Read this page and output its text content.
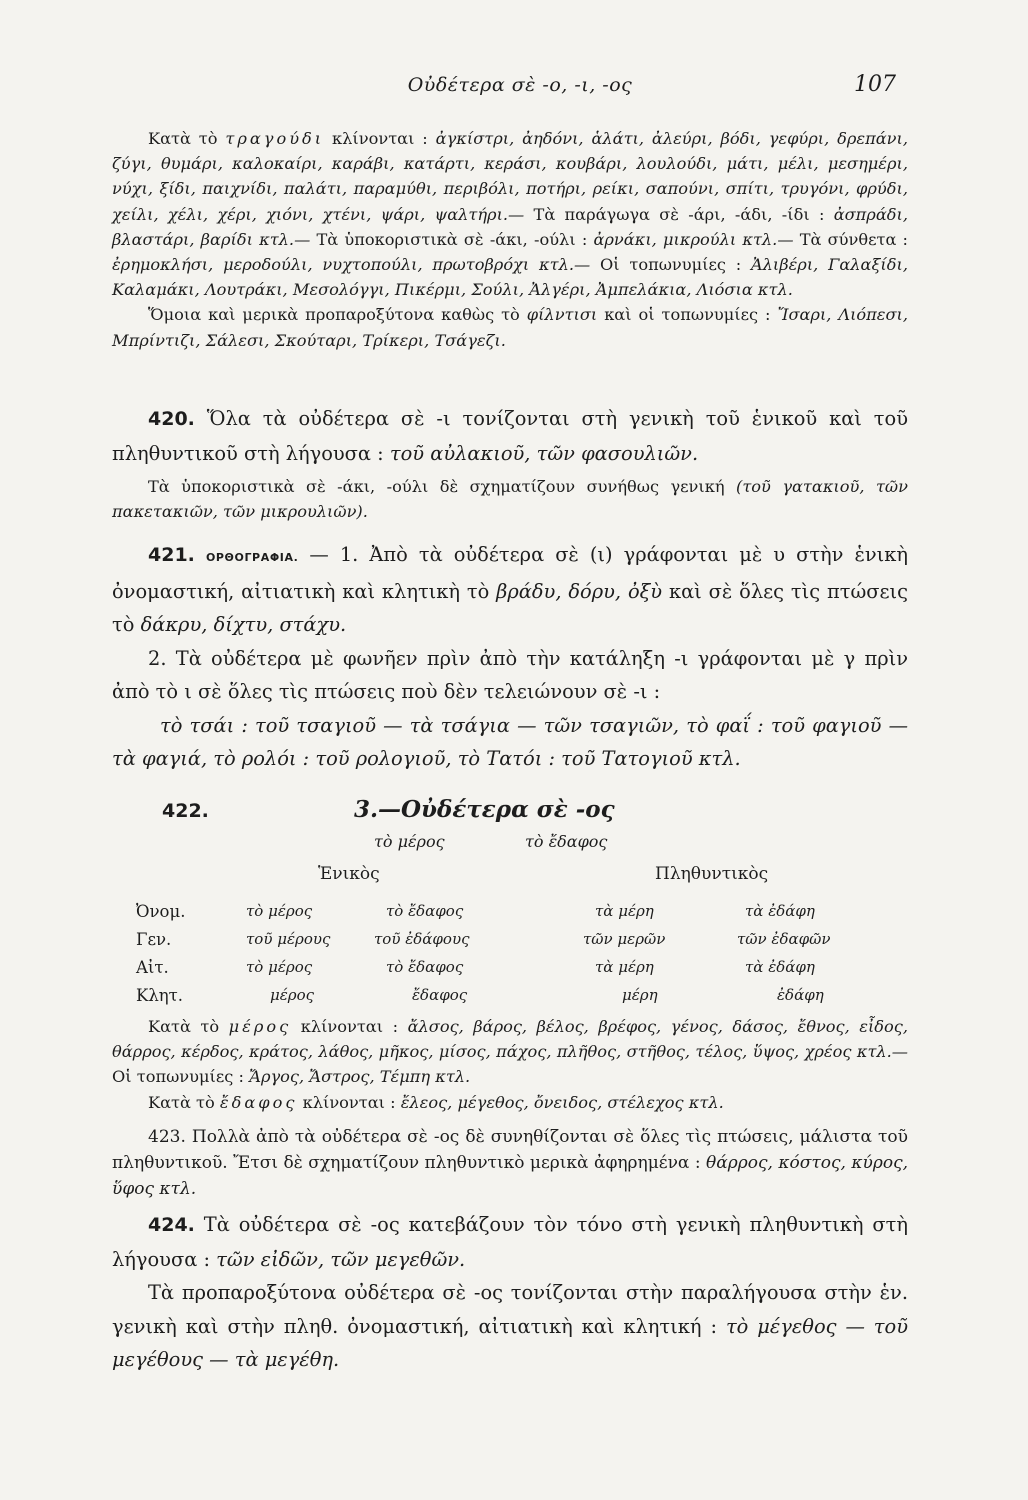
Οὐδέτερα σὲ -ο, -ι, -ος	107
Κατὰ τὸ τραγούδι κλίνονται : ἀγκίστρι, ἀηδόνι, ἁλάτι, ἀλεύρι, βόδι, γεφύρι, δρεπάνι, ζύγι, θυμάρι, καλοκαίρι, καράβι, κατάρτι, κεράσι, κουβάρι, λουλούδι, μάτι, μέλι, μεσημέρι, νύχι, ξίδι, παιχνίδι, παλάτι, παραμύθι, περιβόλι, ποτήρι, ρείκι, σαπούνι, σπίτι, τρυγόνι, φρύδι, χείλι, χέλι, χέρι, χιόνι, χτένι, ψάρι, ψαλτήρι.— Τὰ παράγωγα σὲ -άρι, -άδι, -ίδι : ἀσπράδι, βλαστάρι, βαρίδι κτλ.— Τὰ ὑποκοριστικὰ σὲ -άκι, -ούλι : ἀρνάκι, μικρούλι κτλ.— Τὰ σύνθετα : ἐρημοκλήσι, μεροδούλι, νυχτοπούλι, πρωτοβρόχι κτλ.— Οἱ τοπωνυμίες : Ἀλιβέρι, Γαλαξίδι, Καλαμάκι, Λουτράκι, Μεσολόγγι, Πικέρμι, Σούλι, Ἀλγέρι, Ἀμπελάκια, Λιόσια κτλ.
Ὅμοια καὶ μερικὰ προπαροξύτονα καθὼς τὸ φίλντισι καὶ οἱ τοπωνυμίες : Ἴσαρι, Λιόπεσι, Μπρίντιζι, Σάλεσι, Σκούταρι, Τρίκερι, Τσάγεζι.
420. Ὅλα τὰ οὐδέτερα σὲ -ι τονίζονται στὴ γενικὴ τοῦ ἑνικοῦ καὶ τοῦ πληθυντικοῦ στὴ λήγουσα : τοῦ αὐλακιοῦ, τῶν φασουλιῶν.
Τὰ ὑποκοριστικὰ σὲ -άκι, -ούλι δὲ σχηματίζουν συνήθως γενική (τοῦ γατακιοῦ, τῶν πακετακιῶν, τῶν μικρουλιῶν).
421. ΟΡΘΟΓΡΑΦΙΑ. — 1. Ἀπὸ τὰ οὐδέτερα σὲ (ι) γράφονται μὲ υ στὴν ἑνικὴ ὀνομαστική, αἰτιατικὴ καὶ κλητικὴ τὸ βράδυ, δόρυ, ὀξὺ καὶ σὲ ὅλες τὶς πτώσεις τὸ δάκρυ, δίχτυ, στάχυ.
2. Τὰ οὐδέτερα μὲ φωνῆεν πρὶν ἀπὸ τὴν κατάληξη -ι γράφονται μὲ γ πρὶν ἀπὸ τὸ ι σὲ ὅλες τὶς πτώσεις ποὺ δὲν τελειώνουν σὲ -ι :
τὸ τσάι : τοῦ τσαγιοῦ — τὰ τσάγια — τῶν τσαγιῶν, τὸ φαΐ : τοῦ φαγιοῦ — τὰ φαγιά, τὸ ρολόι : τοῦ ρολογιοῦ, τὸ Τατόι : τοῦ Τατογιοῦ κτλ.
422.	3.—Οὐδέτερα σὲ -ος
τὸ μέρος	τὸ ἔδαφος
Ἑνικὸς	Πληθυντικὸς
Ὀνομ.	τὸ μέρος	τὸ ἔδαφος	τὰ μέρη	τὰ ἐδάφη
Γεν.	τοῦ μέρους	τοῦ ἐδάφους	τῶν μερῶν	τῶν ἐδαφῶν
Αἰτ.	τὸ μέρος	τὸ ἔδαφος	τὰ μέρη	τὰ ἐδάφη
Κλητ.	μέρος	ἔδαφος	μέρη	ἐδάφη
Κατὰ τὸ μέρος κλίνονται : ἄλσος, βάρος, βέλος, βρέφος, γένος, δάσος, ἔθνος, εἶδος, θάρρος, κέρδος, κράτος, λάθος, μῆκος, μίσος, πάχος, πλῆθος, στῆθος, τέλος, ὕψος, χρέος κτλ.— Οἱ τοπωνυμίες : Ἄργος, Ἄστρος, Τέμπη κτλ.
Κατὰ τὸ ἔδαφος κλίνονται : ἔλεος, μέγεθος, ὄνειδος, στέλεχος κτλ.
423. Πολλὰ ἀπὸ τὰ οὐδέτερα σὲ -ος δὲ συνηθίζονται σὲ ὅλες τὶς πτώσεις, μάλιστα τοῦ πληθυντικοῦ. Ἔτσι δὲ σχηματίζουν πληθυντικὸ μερικὰ ἀφηρημένα : θάρρος, κόστος, κύρος, ὕφος κτλ.
424. Τὰ οὐδέτερα σὲ -ος κατεβάζουν τὸν τόνο στὴ γενικὴ πληθυντικὴ στὴ λήγουσα : τῶν εἰδῶν, τῶν μεγεθῶν.
Τὰ προπαροξύτονα οὐδέτερα σὲ -ος τονίζονται στὴν παραλήγουσα στὴν ἑν. γενικὴ καὶ στὴν πληθ. ὀνομαστική, αἰτιατικὴ καὶ κλητική : τὸ μέγεθος — τοῦ μεγέθους — τὰ μεγέθη.
